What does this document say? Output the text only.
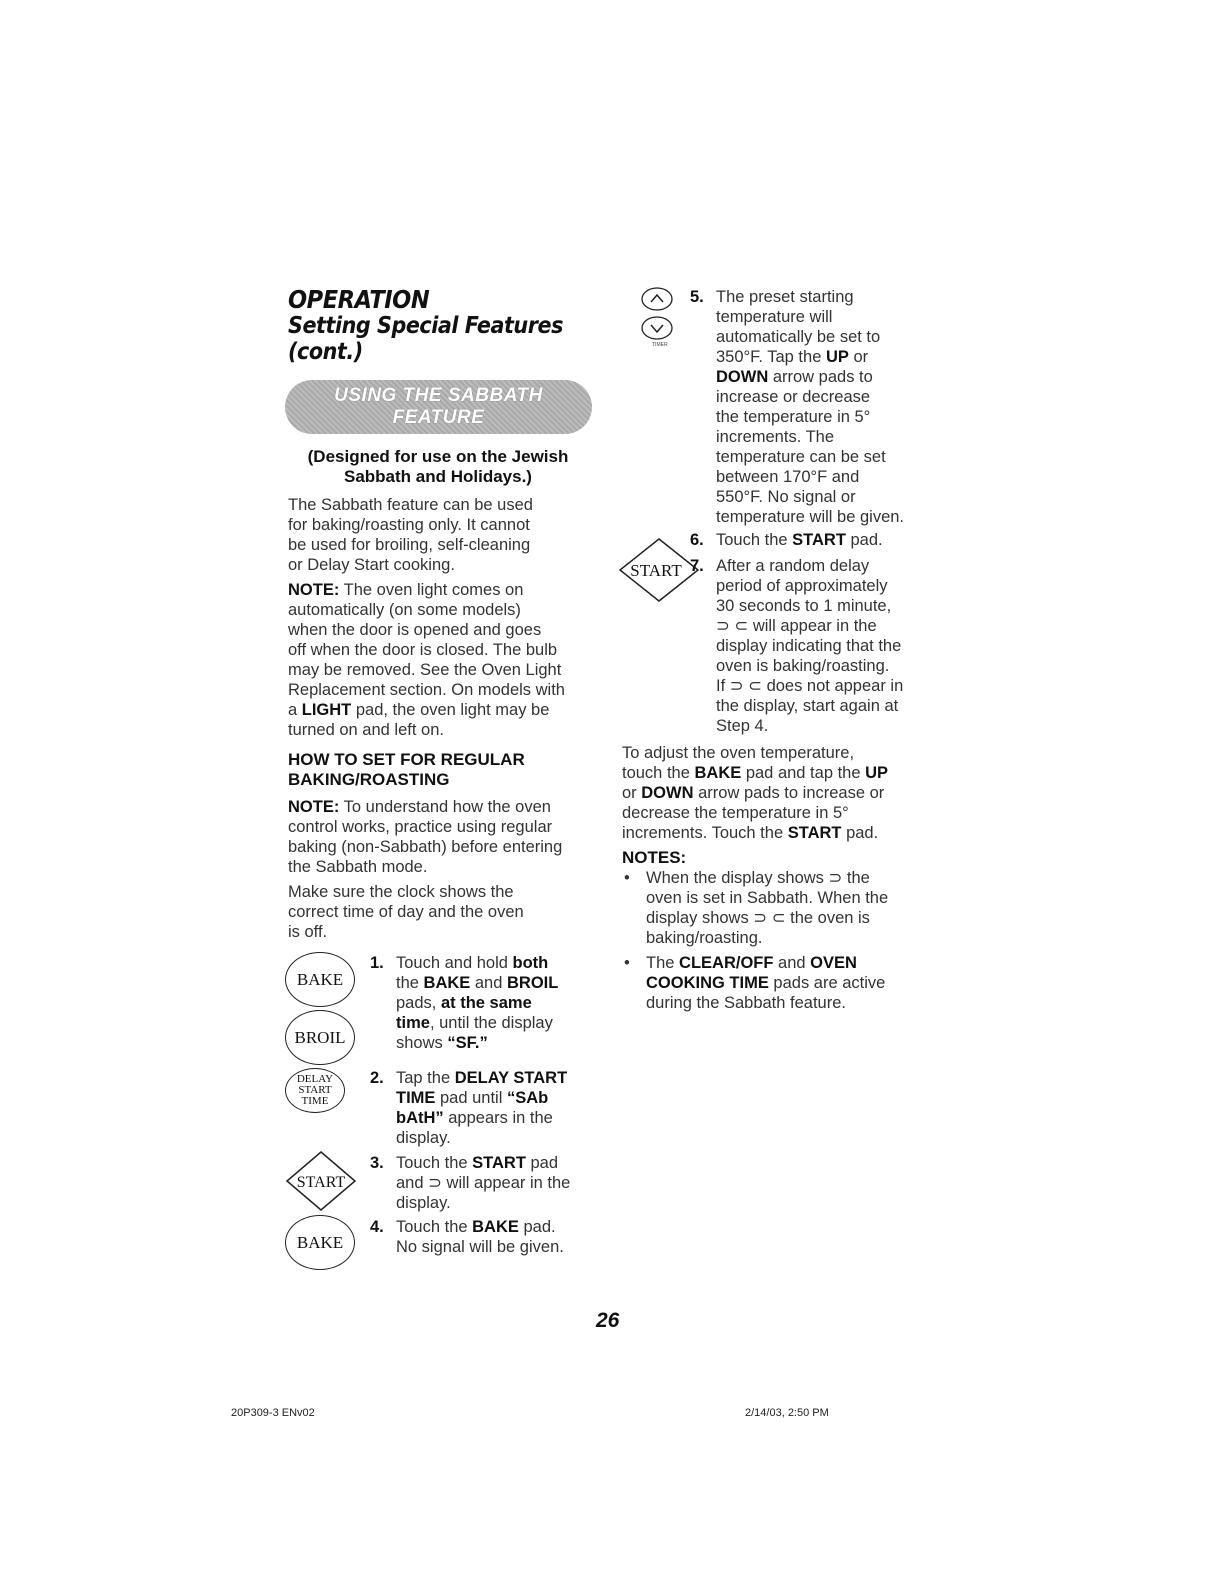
OPERATION
Setting Special Features (cont.)
USING THE SABBATH
FEATURE
(Designed for use on the Jewish
Sabbath and Holidays.)
The Sabbath feature can be used
for baking/roasting only. It cannot
be used for broiling, self-cleaning
or Delay Start cooking.
NOTE: The oven light comes on
automatically (on some models)
when the door is opened and goes
off when the door is closed. The bulb
may be removed. See the Oven Light
Replacement section. On models with
a LIGHT pad, the oven light may be
turned on and left on.
HOW TO SET FOR REGULAR
BAKING/ROASTING
NOTE: To understand how the oven
control works, practice using regular
baking (non-Sabbath) before entering
the Sabbath mode.
Make sure the clock shows the
correct time of day and the oven
is off.
BAKE
BROIL
DELAY
START
TIME
START
BAKE
1. Touch and hold both
the BAKE and BROIL
pads, at the same
time, until the display
shows “SF.”
2. Tap the DELAY START
TIME pad until “SAb
bAtH” appears in the
display.
3. Touch the START pad
and ⊃ will appear in the
display.
4. Touch the BAKE pad.
No signal will be given.
TIMER
START
5. The preset starting
temperature will
automatically be set to
350°F. Tap the UP or
DOWN arrow pads to
increase or decrease
the temperature in 5°
increments. The
temperature can be set
between 170°F and
550°F. No signal or
temperature will be given.
6. Touch the START pad.
7. After a random delay
period of approximately
30 seconds to 1 minute,
⊃ ⊂ will appear in the
display indicating that the
oven is baking/roasting.
If ⊃ ⊂ does not appear in
the display, start again at
Step 4.
To adjust the oven temperature,
touch the BAKE pad and tap the UP
or DOWN arrow pads to increase or
decrease the temperature in 5°
increments. Touch the START pad.
NOTES:
• When the display shows ⊃ the
oven is set in Sabbath. When the
display shows ⊃ ⊂ the oven is
baking/roasting.
• The CLEAR/OFF and OVEN
COOKING TIME pads are active
during the Sabbath feature.
26
20P309-3 ENv02	2/14/03, 2:50 PM
